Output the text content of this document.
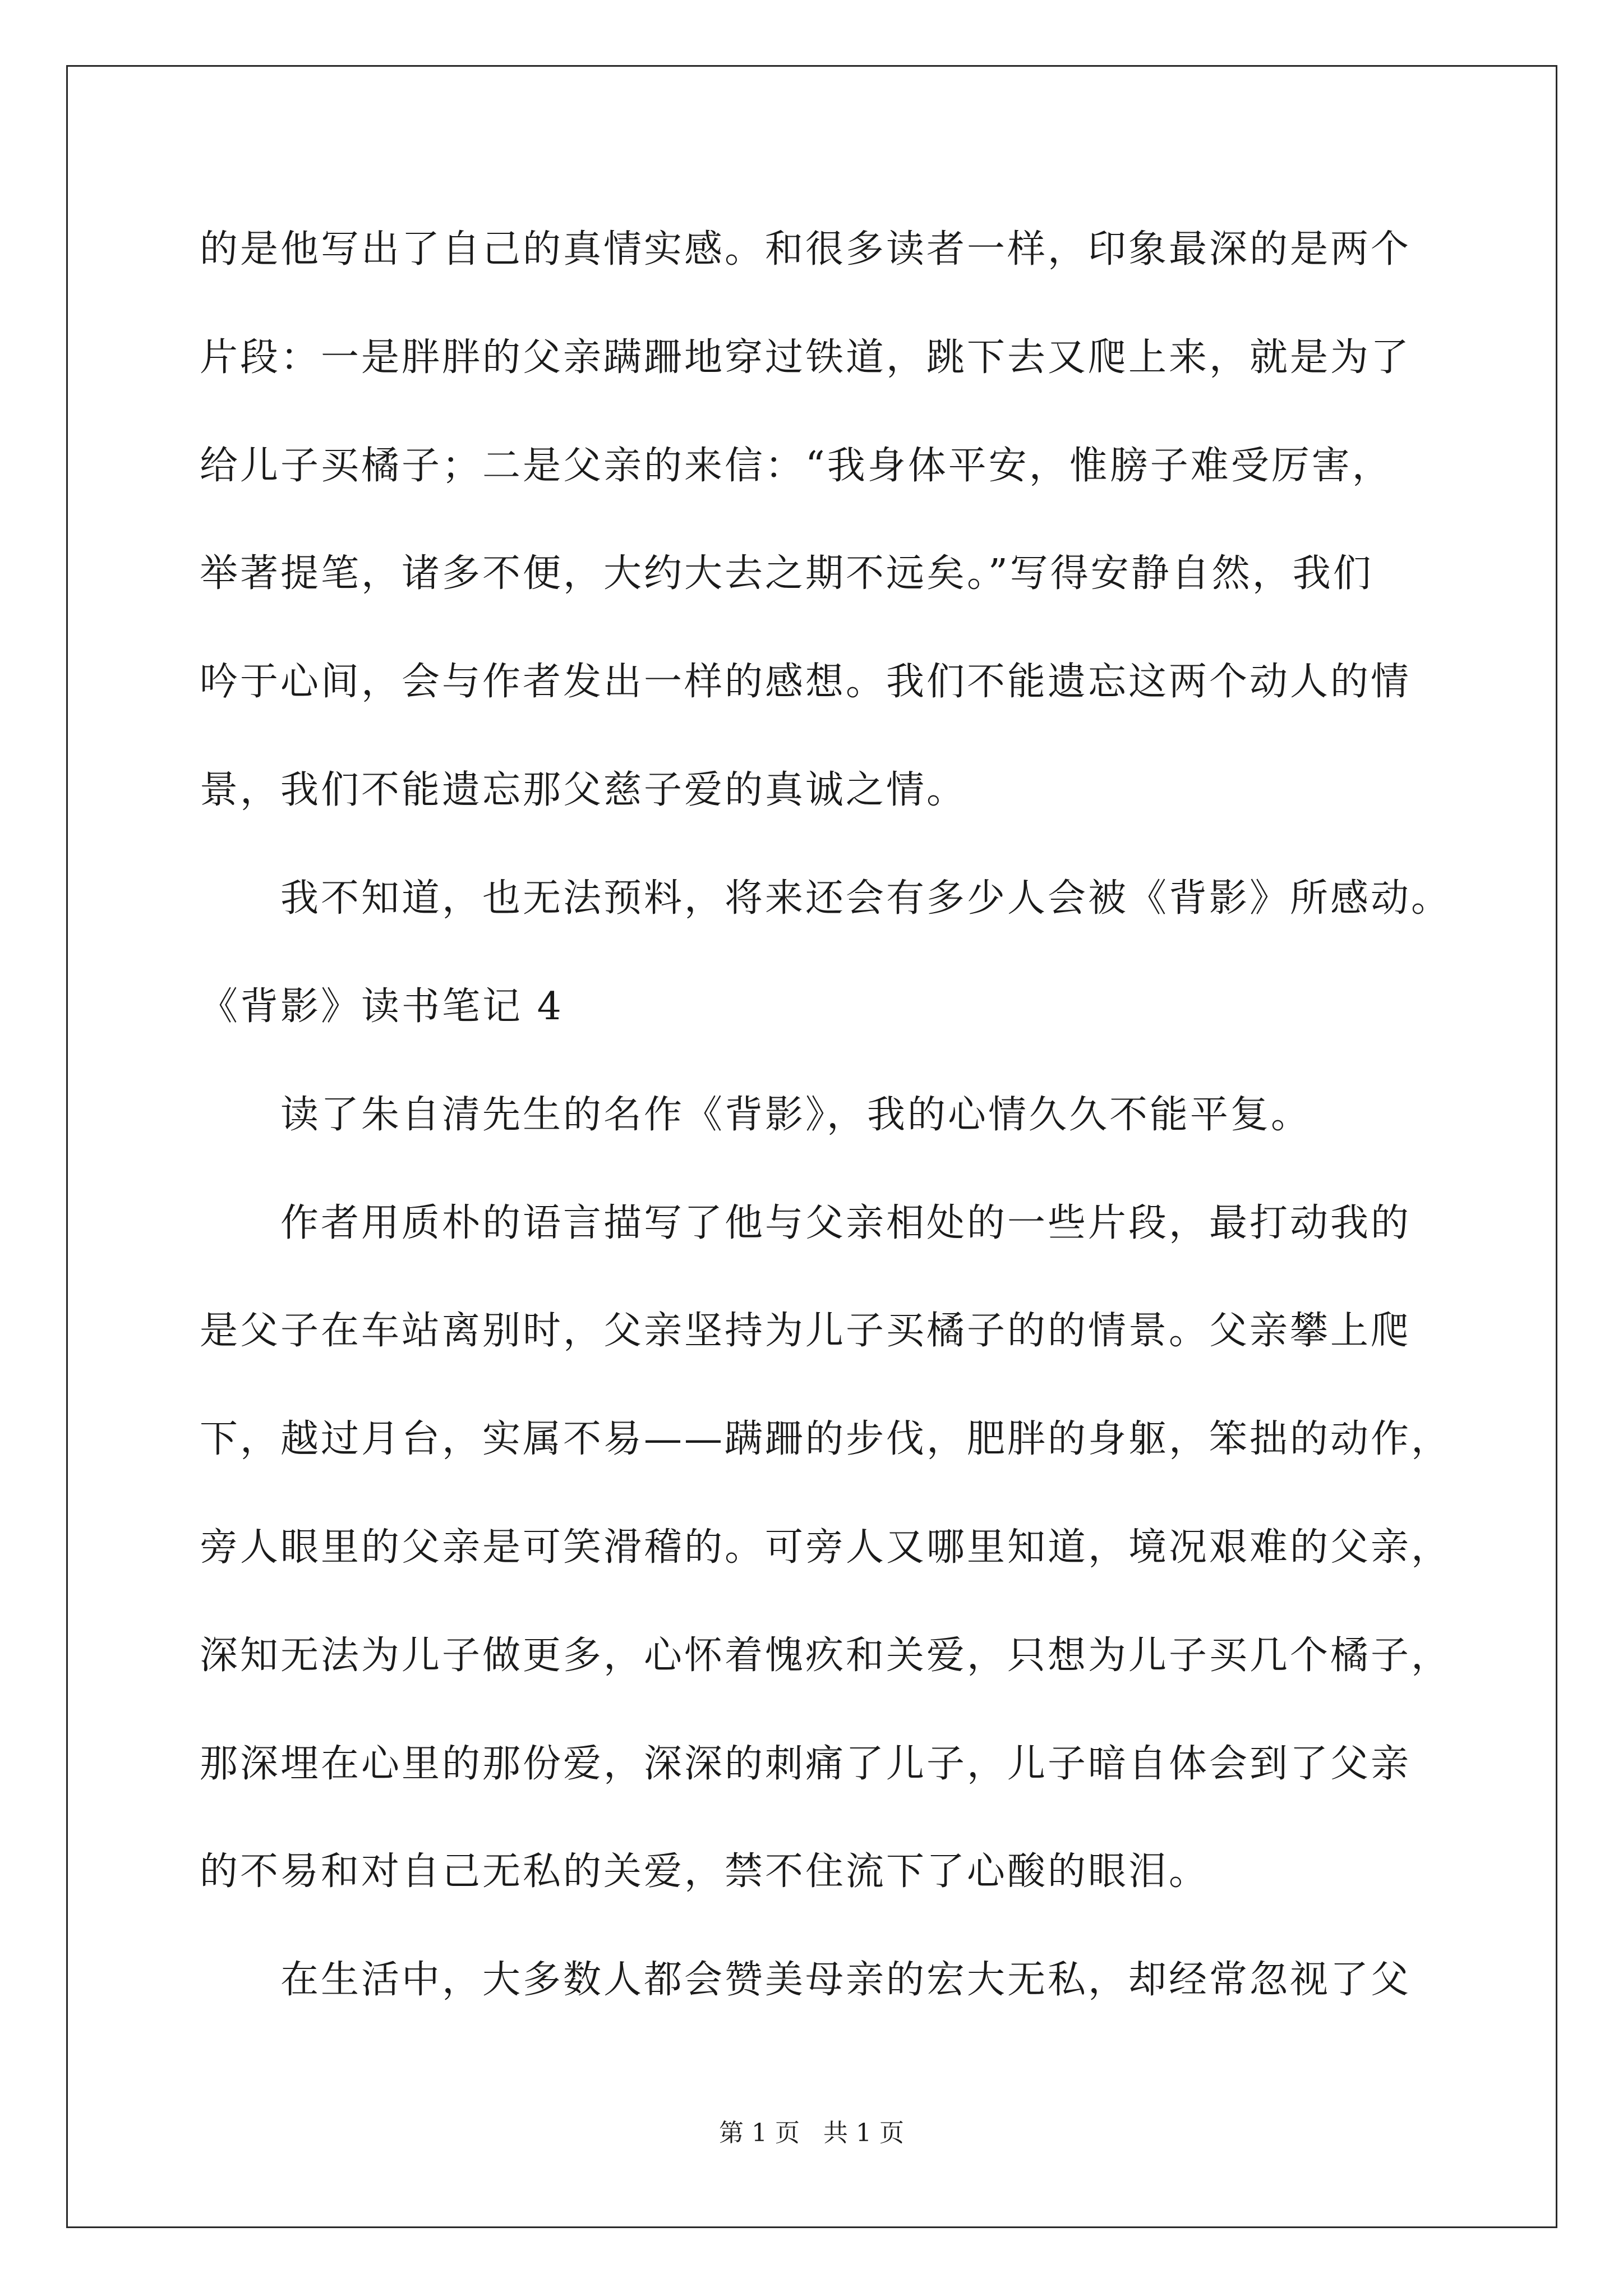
的是他写出了自己的真情实感。和很多读者一样，印象最深的是两个
片段：一是胖胖的父亲蹒跚地穿过铁道，跳下去又爬上来，就是为了
给儿子买橘子；二是父亲的来信：“我身体平安，惟膀子难受厉害，
举著提笔，诸多不便，大约大去之期不远矣。”写得安静自然，我们
吟于心间，会与作者发出一样的感想。我们不能遗忘这两个动人的情
景，我们不能遗忘那父慈子爱的真诚之情。
我不知道，也无法预料，将来还会有多少人会被《背影》所感动。
《背影》读书笔记 4
读了朱自清先生的名作《背影》，我的心情久久不能平复。
作者用质朴的语言描写了他与父亲相处的一些片段，最打动我的
是父子在车站离别时，父亲坚持为儿子买橘子的的情景。父亲攀上爬
下，越过月台，实属不易——蹒跚的步伐，肥胖的身躯，笨拙的动作，
旁人眼里的父亲是可笑滑稽的。可旁人又哪里知道，境况艰难的父亲，
深知无法为儿子做更多，心怀着愧疚和关爱，只想为儿子买几个橘子，
那深埋在心里的那份爱，深深的刺痛了儿子，儿子暗自体会到了父亲
的不易和对自己无私的关爱，禁不住流下了心酸的眼泪。
在生活中，大多数人都会赞美母亲的宏大无私，却经常忽视了父
第 1 页   共 1 页
